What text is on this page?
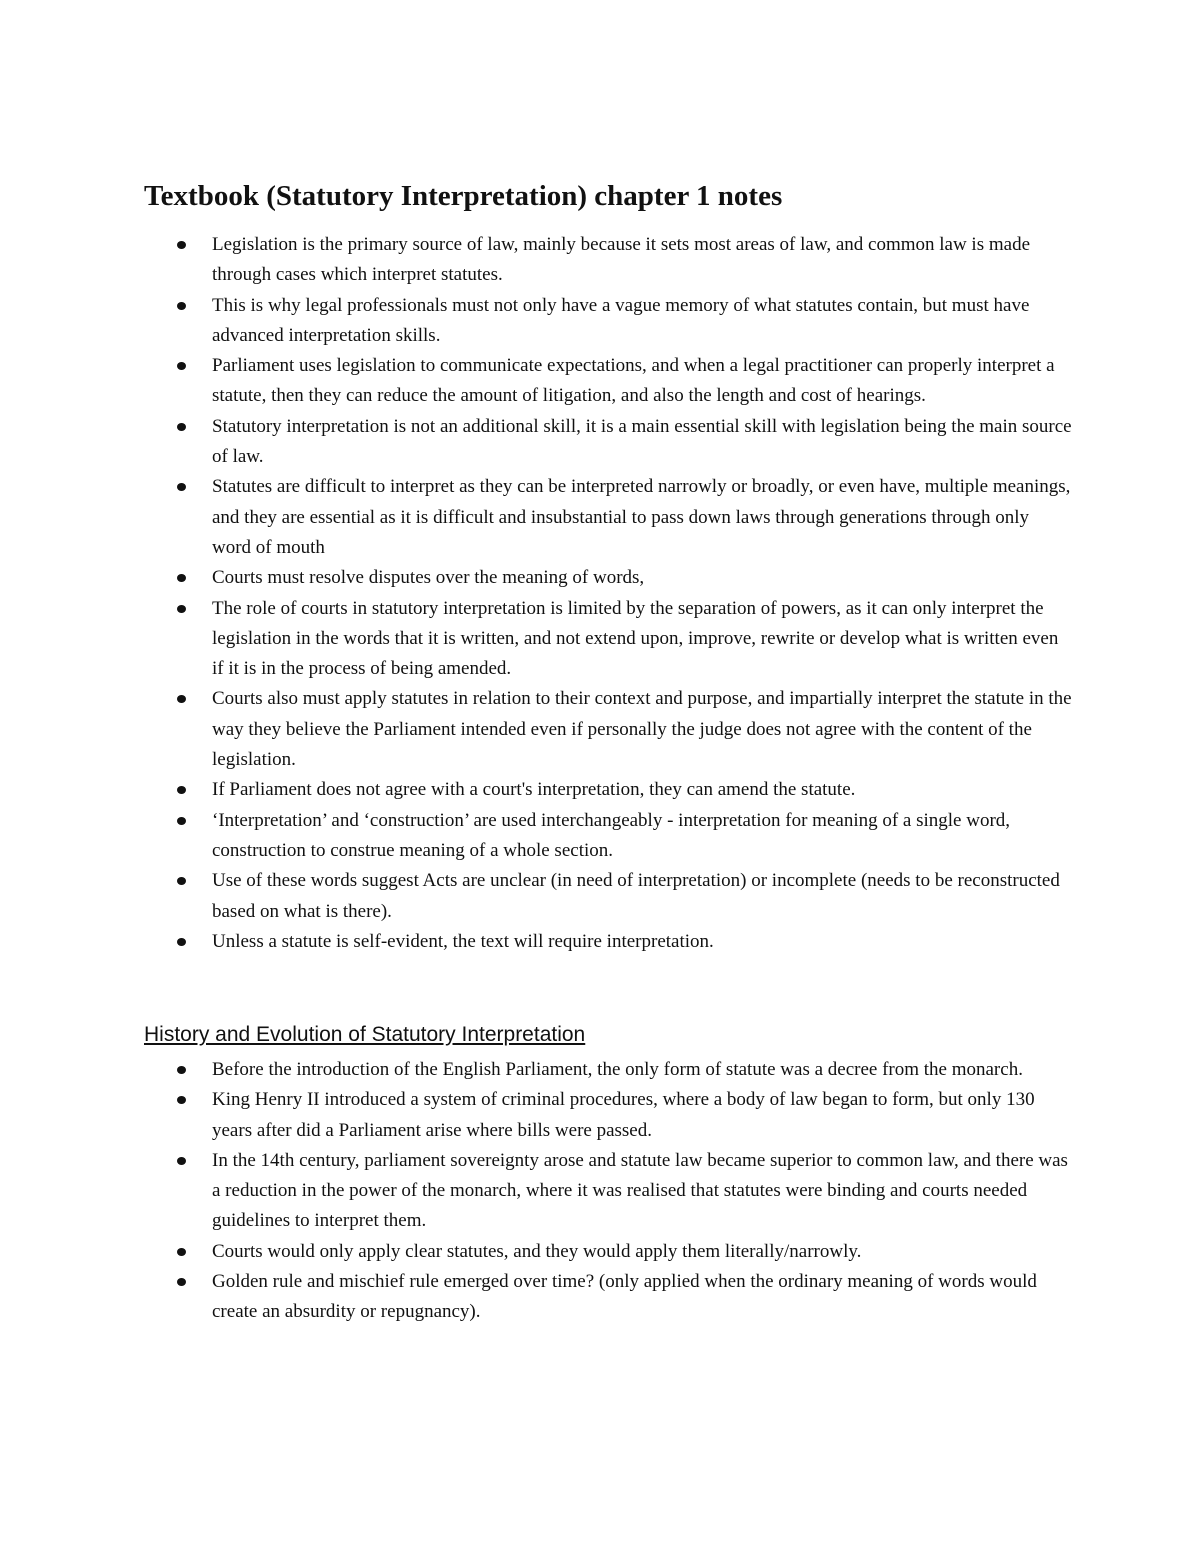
Textbook (Statutory Interpretation) chapter 1 notes
Legislation is the primary source of law, mainly because it sets most areas of law, and common law is made through cases which interpret statutes.
This is why legal professionals must not only have a vague memory of what statutes contain, but must have advanced interpretation skills.
Parliament uses legislation to communicate expectations, and when a legal practitioner can properly interpret a statute, then they can reduce the amount of litigation, and also the length and cost of hearings.
Statutory interpretation is not an additional skill, it is a main essential skill with legislation being the main source of law.
Statutes are difficult to interpret as they can be interpreted narrowly or broadly, or even have, multiple meanings, and they are essential as it is difficult and insubstantial to pass down laws through generations through only word of mouth
Courts must resolve disputes over the meaning of words,
The role of courts in statutory interpretation is limited by the separation of powers, as it can only interpret the legislation in the words that it is written, and not extend upon, improve, rewrite or develop what is written even if it is in the process of being amended.
Courts also must apply statutes in relation to their context and purpose, and impartially interpret the statute in the way they believe the Parliament intended even if personally the judge does not agree with the content of the legislation.
If Parliament does not agree with a court's interpretation, they can amend the statute.
‘Interpretation’ and ‘construction’ are used interchangeably - interpretation for meaning of a single word, construction to construe meaning of a whole section.
Use of these words suggest Acts are unclear (in need of interpretation) or incomplete (needs to be reconstructed based on what is there).
Unless a statute is self-evident, the text will require interpretation.
History and Evolution of Statutory Interpretation
Before the introduction of the English Parliament, the only form of statute was a decree from the monarch.
King Henry II introduced a system of criminal procedures, where a body of law began to form, but only 130 years after did a Parliament arise where bills were passed.
In the 14th century, parliament sovereignty arose and statute law became superior to common law, and there was a reduction in the power of the monarch, where it was realised that statutes were binding and courts needed guidelines to interpret them.
Courts would only apply clear statutes, and they would apply them literally/narrowly.
Golden rule and mischief rule emerged over time? (only applied when the ordinary meaning of words would create an absurdity or repugnancy).
